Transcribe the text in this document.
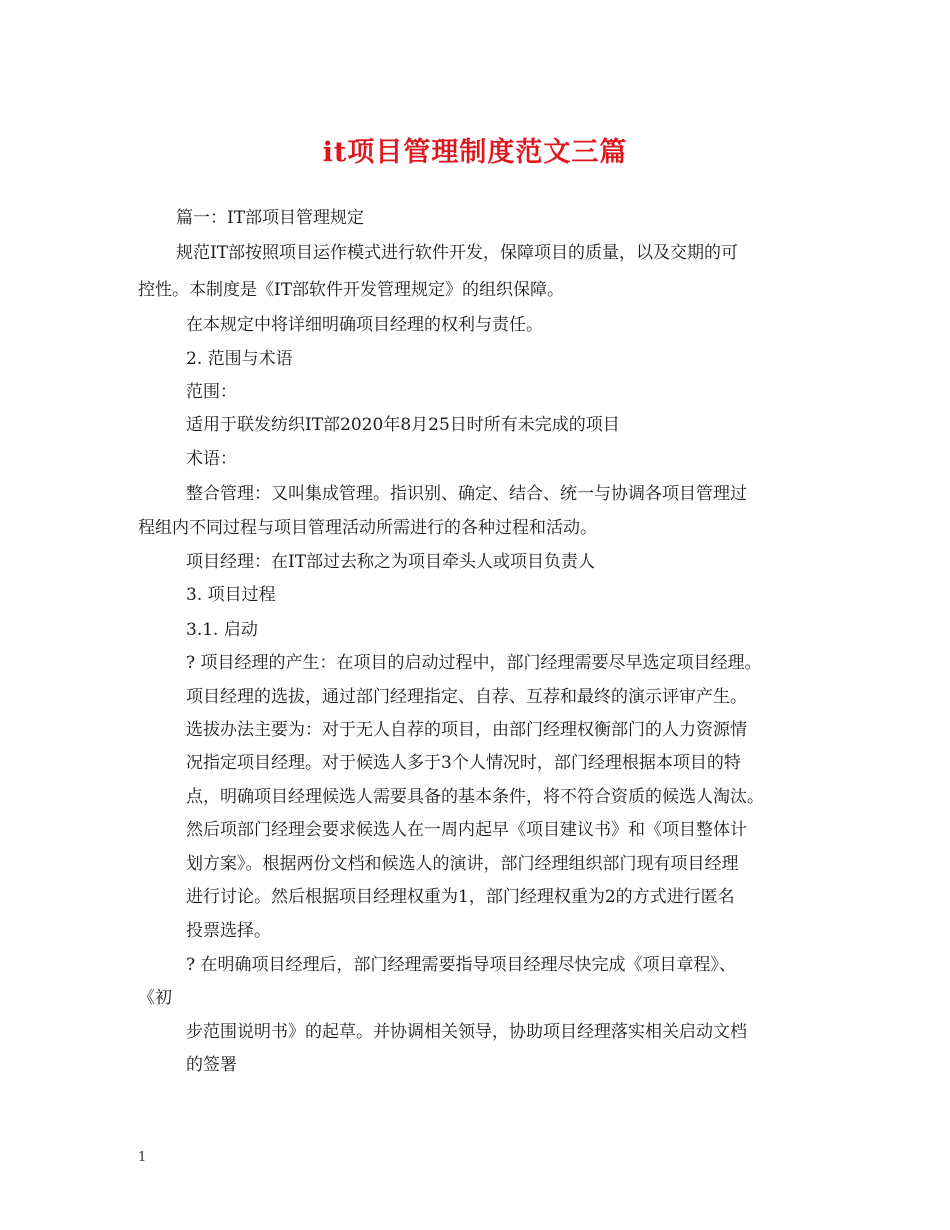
it项目管理制度范文三篇

篇一：IT部项目管理规定

规范IT部按照项目运作模式进行软件开发，保障项目的质量，以及交期的可

控性。本制度是《IT部软件开发管理规定》的组织保障。

在本规定中将详细明确项目经理的权利与责任。

2. 范围与术语

范围：

适用于联发纺织IT部2020年8月25日时所有未完成的项目

术语：

整合管理：又叫集成管理。指识别、确定、结合、统一与协调各项目管理过

程组内不同过程与项目管理活动所需进行的各种过程和活动。

项目经理：在IT部过去称之为项目牵头人或项目负责人

3. 项目过程

3.1. 启动

? 项目经理的产生：在项目的启动过程中，部门经理需要尽早选定项目经理。

项目经理的选拔，通过部门经理指定、自荐、互荐和最终的演示评审产生。

选拔办法主要为：对于无人自荐的项目，由部门经理权衡部门的人力资源情

况指定项目经理。对于候选人多于3个人情况时，部门经理根据本项目的特

点，明确项目经理候选人需要具备的基本条件，将不符合资质的候选人淘汰。

然后项部门经理会要求候选人在一周内起早《项目建议书》和《项目整体计

划方案》。根据两份文档和候选人的演讲，部门经理组织部门现有项目经理

进行讨论。然后根据项目经理权重为1，部门经理权重为2的方式进行匿名

投票选择。

? 在明确项目经理后，部门经理需要指导项目经理尽快完成《项目章程》、

《初

步范围说明书》的起草。并协调相关领导，协助项目经理落实相关启动文档

的签署

1
